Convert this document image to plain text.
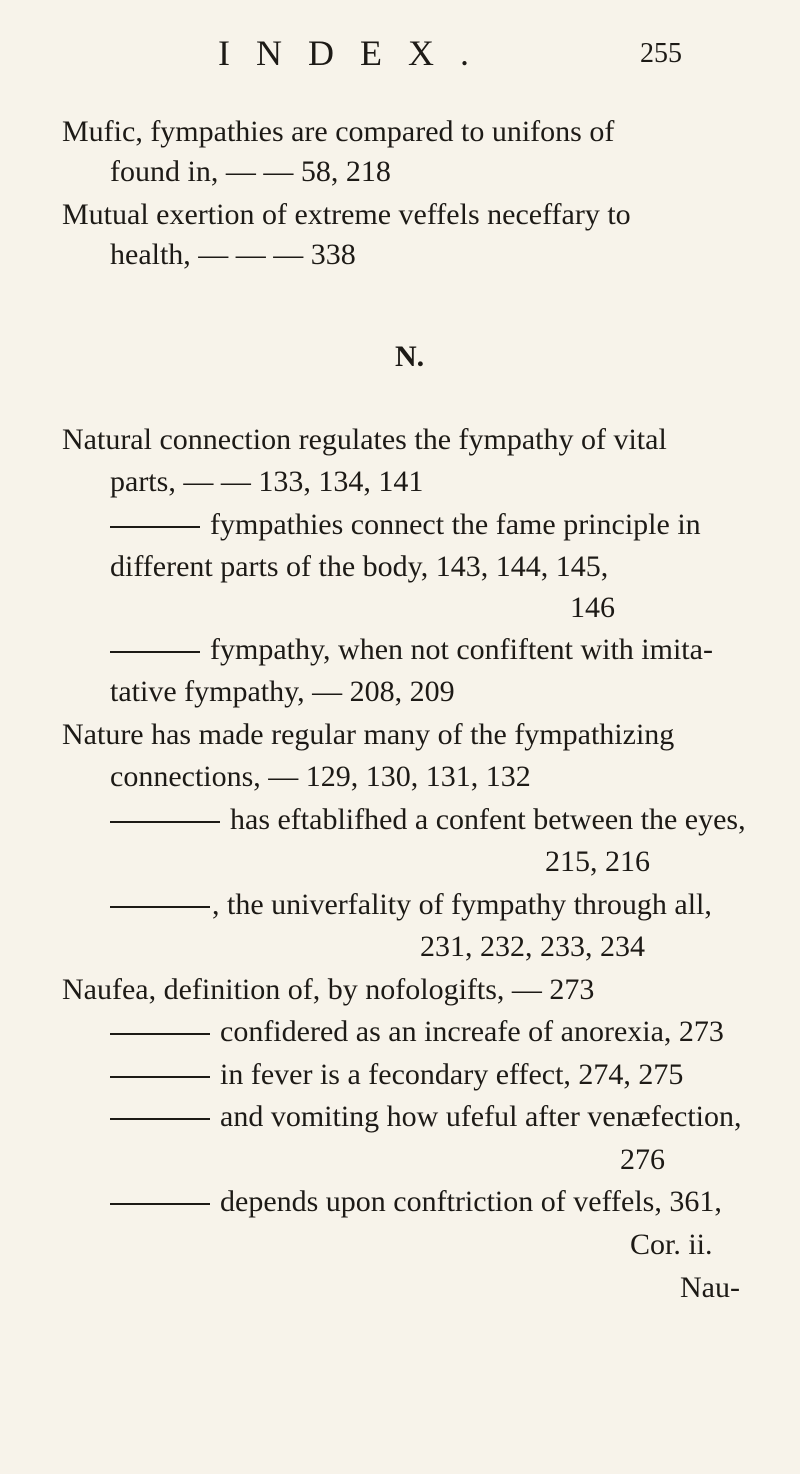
INDEX.	255
Mufic, fympathies are compared to unifons of
found in, — — 58, 218
Mutual exertion of extreme veffels neceffary to
health, — — — 338
N.
Natural connection regulates the fympathy of vital
parts, — — 133, 134, 141
fympathies connect the fame principle in
different parts of the body, 143, 144, 145,
146
fympathy, when not confiftent with imita-
tative fympathy, — 208, 209
Nature has made regular many of the fympathizing
connections, — 129, 130, 131, 132
has eftablifhed a confent between the eyes,
215, 216
, the univerfality of fympathy through all,
231, 232, 233, 234
Naufea, definition of, by nofologifts, — 273
confidered as an increafe of anorexia, 273
in fever is a fecondary effect, 274, 275
and vomiting how ufeful after venæfection,
276
depends upon conftriction of veffels, 361,
Cor. ii.
Nau-
